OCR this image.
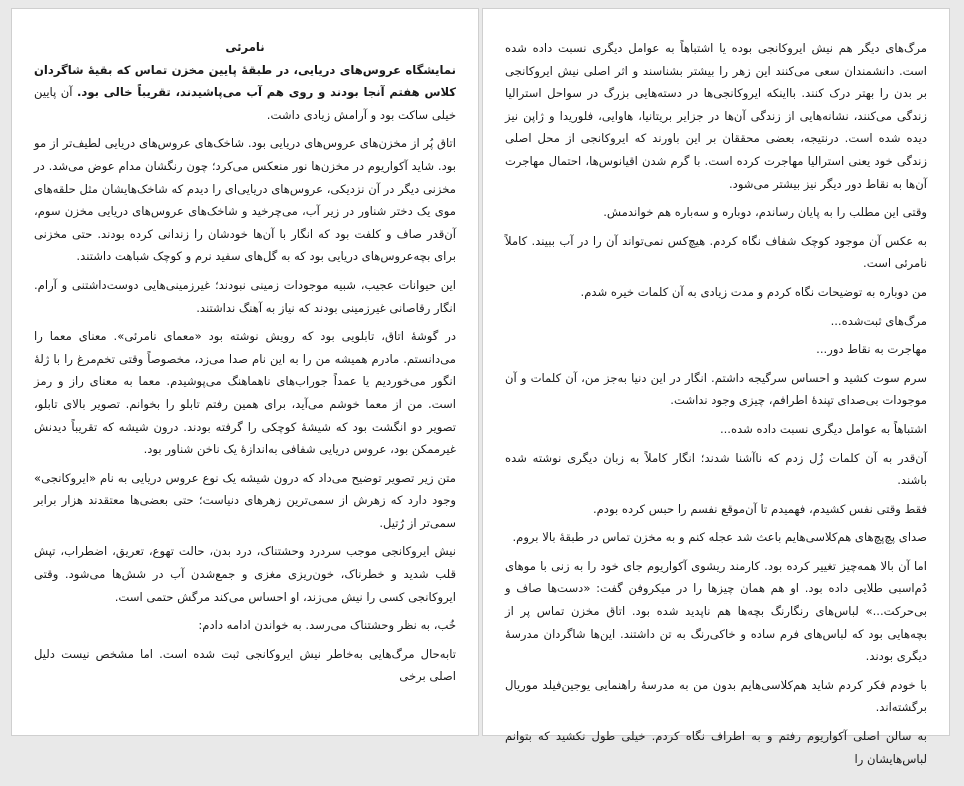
نامرئی

نمایشگاه عروس‌های دریایی، در طبقهٔ پایین مخزن تماس که بقیهٔ شاگردان کلاس هفتم آنجا بودند و روی هم آب می‌پاشیدند، تقریباً خالی بود. آن پایین خیلی ساکت بود و آرامش زیادی داشت.

اتاق پُر از مخزن‌های عروس‌های دریایی بود. شاخک‌های عروس‌های دریایی لطیف‌تر از مو بود. شاید آکواریوم در مخزن‌ها نور منعکس می‌کرد؛ چون رنگشان مدام عوض می‌شد. در مخزنی دیگر در آن نزدیکی، عروس‌های دریایی‌ای را دیدم که شاخک‌هایشان مثل حلقه‌های موی یک دختر شناور در زیر آب، می‌چرخید و شاخک‌های عروس‌های دریایی مخزن سوم، آن‌قدر صاف و کلفت بود که انگار با آن‌ها خودشان را زندانی کرده بودند. حتی مخزنی برای بچه‌عروس‌های دریایی بود که به گل‌های سفید نرم و کوچک شباهت داشتند.

این حیوانات عجیب، شبیه موجودات زمینی نبودند؛ غیرزمینی‌هایی دوست‌داشتنی و آرام. انگار رقاصانی غیرزمینی بودند که نیاز به آهنگ نداشتند.

در گوشهٔ اتاق، تابلویی بود که رویش نوشته بود «معمای نامرئی». معنای معما را می‌دانستم. مادرم همیشه من را به این نام صدا می‌زد، مخصوصاً وقتی تخم‌مرغ را با ژلهٔ انگور می‌خوردیم یا عمداً جوراب‌های ناهماهنگ می‌پوشیدم. معما به معنای راز و رمز است. من از معما خوشم می‌آید، برای همین رفتم تابلو را بخوانم. تصویر بالای تابلو، تصویر دو انگشت بود که شیشهٔ کوچکی را گرفته بودند. درون شیشه که تقریباً دیدنش غیرممکن بود، عروس دریایی شفافی به‌اندازهٔ یک ناخن شناور بود.

متن زیر تصویر توضیح می‌داد که درون شیشه یک نوع عروس دریایی به نام «ایروکانجی» وجود دارد که زهرش از سمی‌ترین زهرهای دنیاست؛ حتی بعضی‌ها معتقدند هزار برابر سمی‌تر از رُتیل.

نیش ایروکانجی موجب سردرد وحشتناک، درد بدن، حالت تهوع، تعریق، اضطراب، تپش قلب شدید و خطرناک، خون‌ریزی مغزی و جمع‌شدن آب در شش‌ها می‌شود. وقتی ایروکانجی کسی را نیش می‌زند، او احساس می‌کند مرگش حتمی است.

خُب، به نظر وحشتناک می‌رسد. به خواندن ادامه دادم:

تابه‌حال مرگ‌هایی به‌خاطر نیش ایروکانجی ثبت شده است. اما مشخص نیست دلیل اصلی برخی

مرگ‌های دیگر هم نیش ایروکانجی بوده یا اشتباهاً به عوامل دیگری نسبت داده شده است. دانشمندان سعی می‌کنند این زهر را بیشتر بشناسند و اثر اصلی نیش ایروکانجی بر بدن را بهتر درک کنند. بااینکه ایروکانجی‌ها در دسته‌هایی بزرگ در سواحل استرالیا زندگی می‌کنند، نشانه‌هایی از زندگی آن‌ها در جزایر بریتانیا، هاوایی، فلوریدا و ژاپن نیز دیده شده است. درنتیجه، بعضی محققان بر این باورند که ایروکانجی از محل اصلی زندگی خود یعنی استرالیا مهاجرت کرده است. با گرم شدن اقیانوس‌ها، احتمال مهاجرت آن‌ها به نقاط دور دیگر نیز بیشتر می‌شود.

وقتی این مطلب را به پایان رساندم، دوباره و سه‌باره هم خواندمش.

به عکس آن موجود کوچک شفاف نگاه کردم. هیچ‌کس نمی‌تواند آن را در آب ببیند. کاملاً نامرئی است.

من دوباره به توضیحات نگاه کردم و مدت زیادی به آن کلمات خیره شدم.

مرگ‌های ثبت‌شده...

مهاجرت به نقاط دور...

سرم سوت کشید و احساس سرگیجه داشتم. انگار در این دنیا به‌جز من، آن کلمات و آن موجودات بی‌صدای تپندهٔ اطرافم، چیزی وجود نداشت.

اشتباهاً به عوامل دیگری نسبت داده شده...

آن‌قدر به آن کلمات زُل زدم که ناآشنا شدند؛ انگار کاملاً به زبان دیگری نوشته شده باشند.

فقط وقتی نفس کشیدم، فهمیدم تا آن‌موقع نفسم را حبس کرده بودم.

صدای پچ‌پچ‌های هم‌کلاسی‌هایم باعث شد عجله کنم و به مخزن تماس در طبقهٔ بالا بروم.

اما آن بالا همه‌چیز تغییر کرده بود. کارمند ریشوی آکواریوم جای خود را به زنی با موهای دُم‌اسبی طلایی داده بود. او هم همان چیزها را در میکروفن گفت: «دست‌ها صاف و بی‌حرکت...» لباس‌های رنگارنگ بچه‌ها هم ناپدید شده بود. اتاق مخزن تماس پر از بچه‌هایی بود که لباس‌های فرم ساده و خاکی‌رنگ به تن داشتند. این‌ها شاگردان مدرسهٔ دیگری بودند.

با خودم فکر کردم شاید هم‌کلاسی‌هایم بدون من به مدرسهٔ راهنمایی یوجین‌فیلد موریال برگشته‌اند.

به سالن اصلی آکواریوم رفتم و به اطراف نگاه کردم. خیلی طول نکشید که بتوانم لباس‌هایشان را
